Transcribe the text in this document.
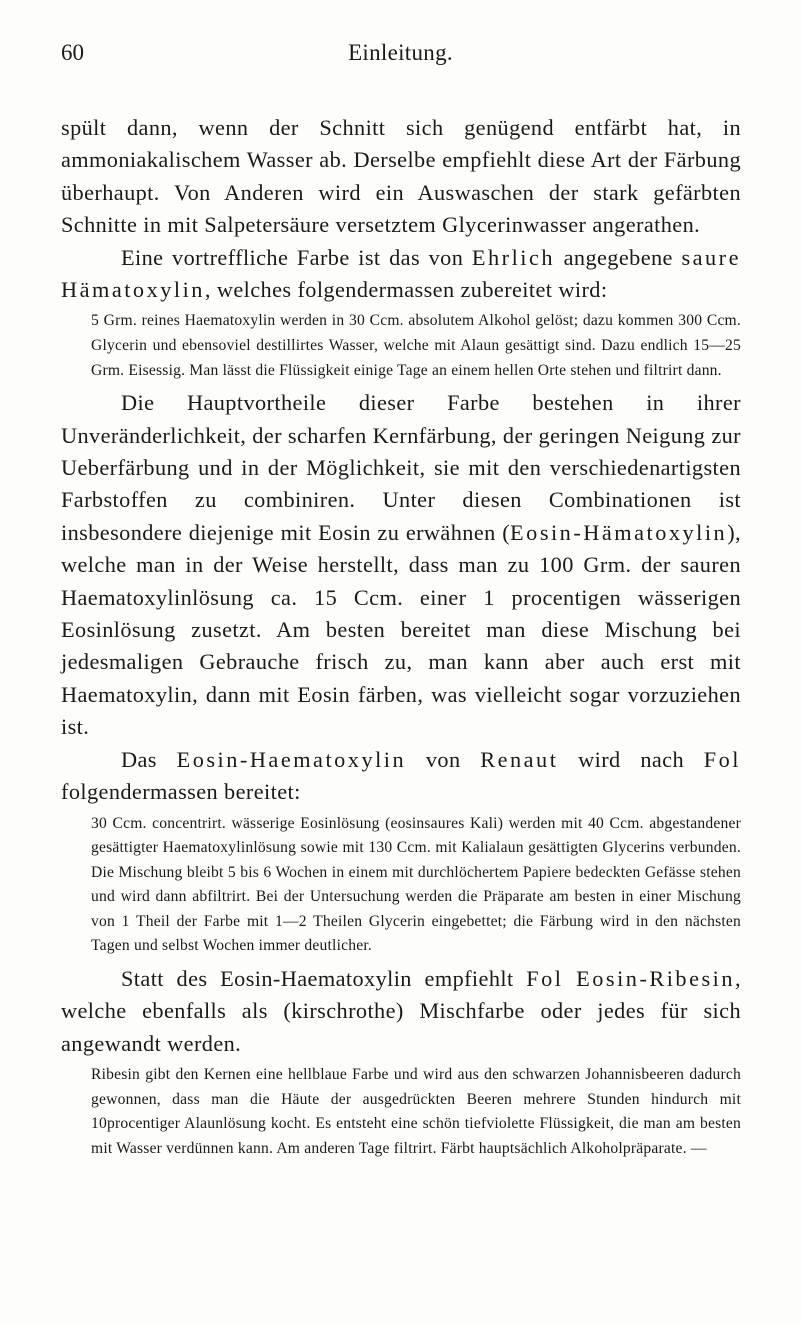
60	Einleitung.

spült dann, wenn der Schnitt sich genügend entfärbt hat, in ammoniakalischem Wasser ab. Derselbe empfiehlt diese Art der Färbung überhaupt. Von Anderen wird ein Auswaschen der stark gefärbten Schnitte in mit Salpetersäure versetztem Glycerinwasser angerathen.

Eine vortreffliche Farbe ist das von Ehrlich angegebene saure Hämatoxylin, welches folgendermassen zubereitet wird:

5 Grm. reines Haematoxylin werden in 30 Ccm. absolutem Alkohol gelöst; dazu kommen 300 Ccm. Glycerin und ebensoviel destillirtes Wasser, welche mit Alaun gesättigt sind. Dazu endlich 15—25 Grm. Eisessig. Man lässt die Flüssigkeit einige Tage an einem hellen Orte stehen und filtrirt dann.

Die Hauptvortheile dieser Farbe bestehen in ihrer Unveränderlichkeit, der scharfen Kernfärbung, der geringen Neigung zur Ueberfärbung und in der Möglichkeit, sie mit den verschiedenartigsten Farbstoffen zu combiniren. Unter diesen Combinationen ist insbesondere diejenige mit Eosin zu erwähnen (Eosin-Hämatoxylin), welche man in der Weise herstellt, dass man zu 100 Grm. der sauren Haematoxylinlösung ca. 15 Ccm. einer 1 procentigen wässerigen Eosinlösung zusetzt. Am besten bereitet man diese Mischung bei jedesmaligen Gebrauche frisch zu, man kann aber auch erst mit Haematoxylin, dann mit Eosin färben, was vielleicht sogar vorzuziehen ist.

Das Eosin-Haematoxylin von Renaut wird nach Fol folgendermassen bereitet:

30 Ccm. concentrirt. wässerige Eosinlösung (eosinsaures Kali) werden mit 40 Ccm. abgestandener gesättigter Haematoxylinlösung sowie mit 130 Ccm. mit Kalialaun gesättigten Glycerins verbunden. Die Mischung bleibt 5 bis 6 Wochen in einem mit durchlöchertem Papiere bedeckten Gefässe stehen und wird dann abfiltrirt. Bei der Untersuchung werden die Präparate am besten in einer Mischung von 1 Theil der Farbe mit 1—2 Theilen Glycerin eingebettet; die Färbung wird in den nächsten Tagen und selbst Wochen immer deutlicher.

Statt des Eosin-Haematoxylin empfiehlt Fol Eosin-Ribesin, welche ebenfalls als (kirschrothe) Mischfarbe oder jedes für sich angewandt werden.

Ribesin gibt den Kernen eine hellblaue Farbe und wird aus den schwarzen Johannisbeeren dadurch gewonnen, dass man die Häute der ausgedrückten Beeren mehrere Stunden hindurch mit 10procentiger Alaunlösung kocht. Es entsteht eine schön tiefviolette Flüssigkeit, die man am besten mit Wasser verdünnen kann. Am anderen Tage filtrirt. Färbt hauptsächlich Alkoholpräparate. —
